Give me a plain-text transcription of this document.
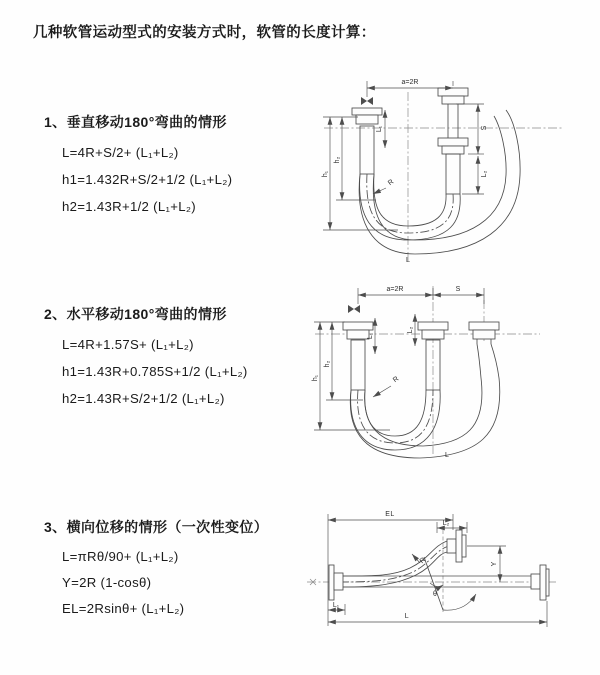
几种软管运动型式的安装方式时，软管的长度计算：
1、垂直移动180°弯曲的情形
L=4R+S/2+ (L₁+L₂)
h1=1.432R+S/2+1/2 (L₁+L₂)
h2=1.43R+1/2 (L₁+L₂)
2、水平移动180°弯曲的情形
L=4R+1.57S+ (L₁+L₂)
h1=1.43R+0.785S+1/2 (L₁+L₂)
h2=1.43R+S/2+1/2 (L₁+L₂)
3、横向位移的情形（一次性变位）
L=πRθ/90+ (L₁+L₂)
Y=2R (1-cosθ)
EL=2Rsinθ+ (L₁+L₂)
a=2R
h₁
h₂
L₁	S
L₂
R
L
a=2R	S
h₁
h₂
L₁
L₂
R
L
EL
L₂
Y
L
L₁
R
θ
